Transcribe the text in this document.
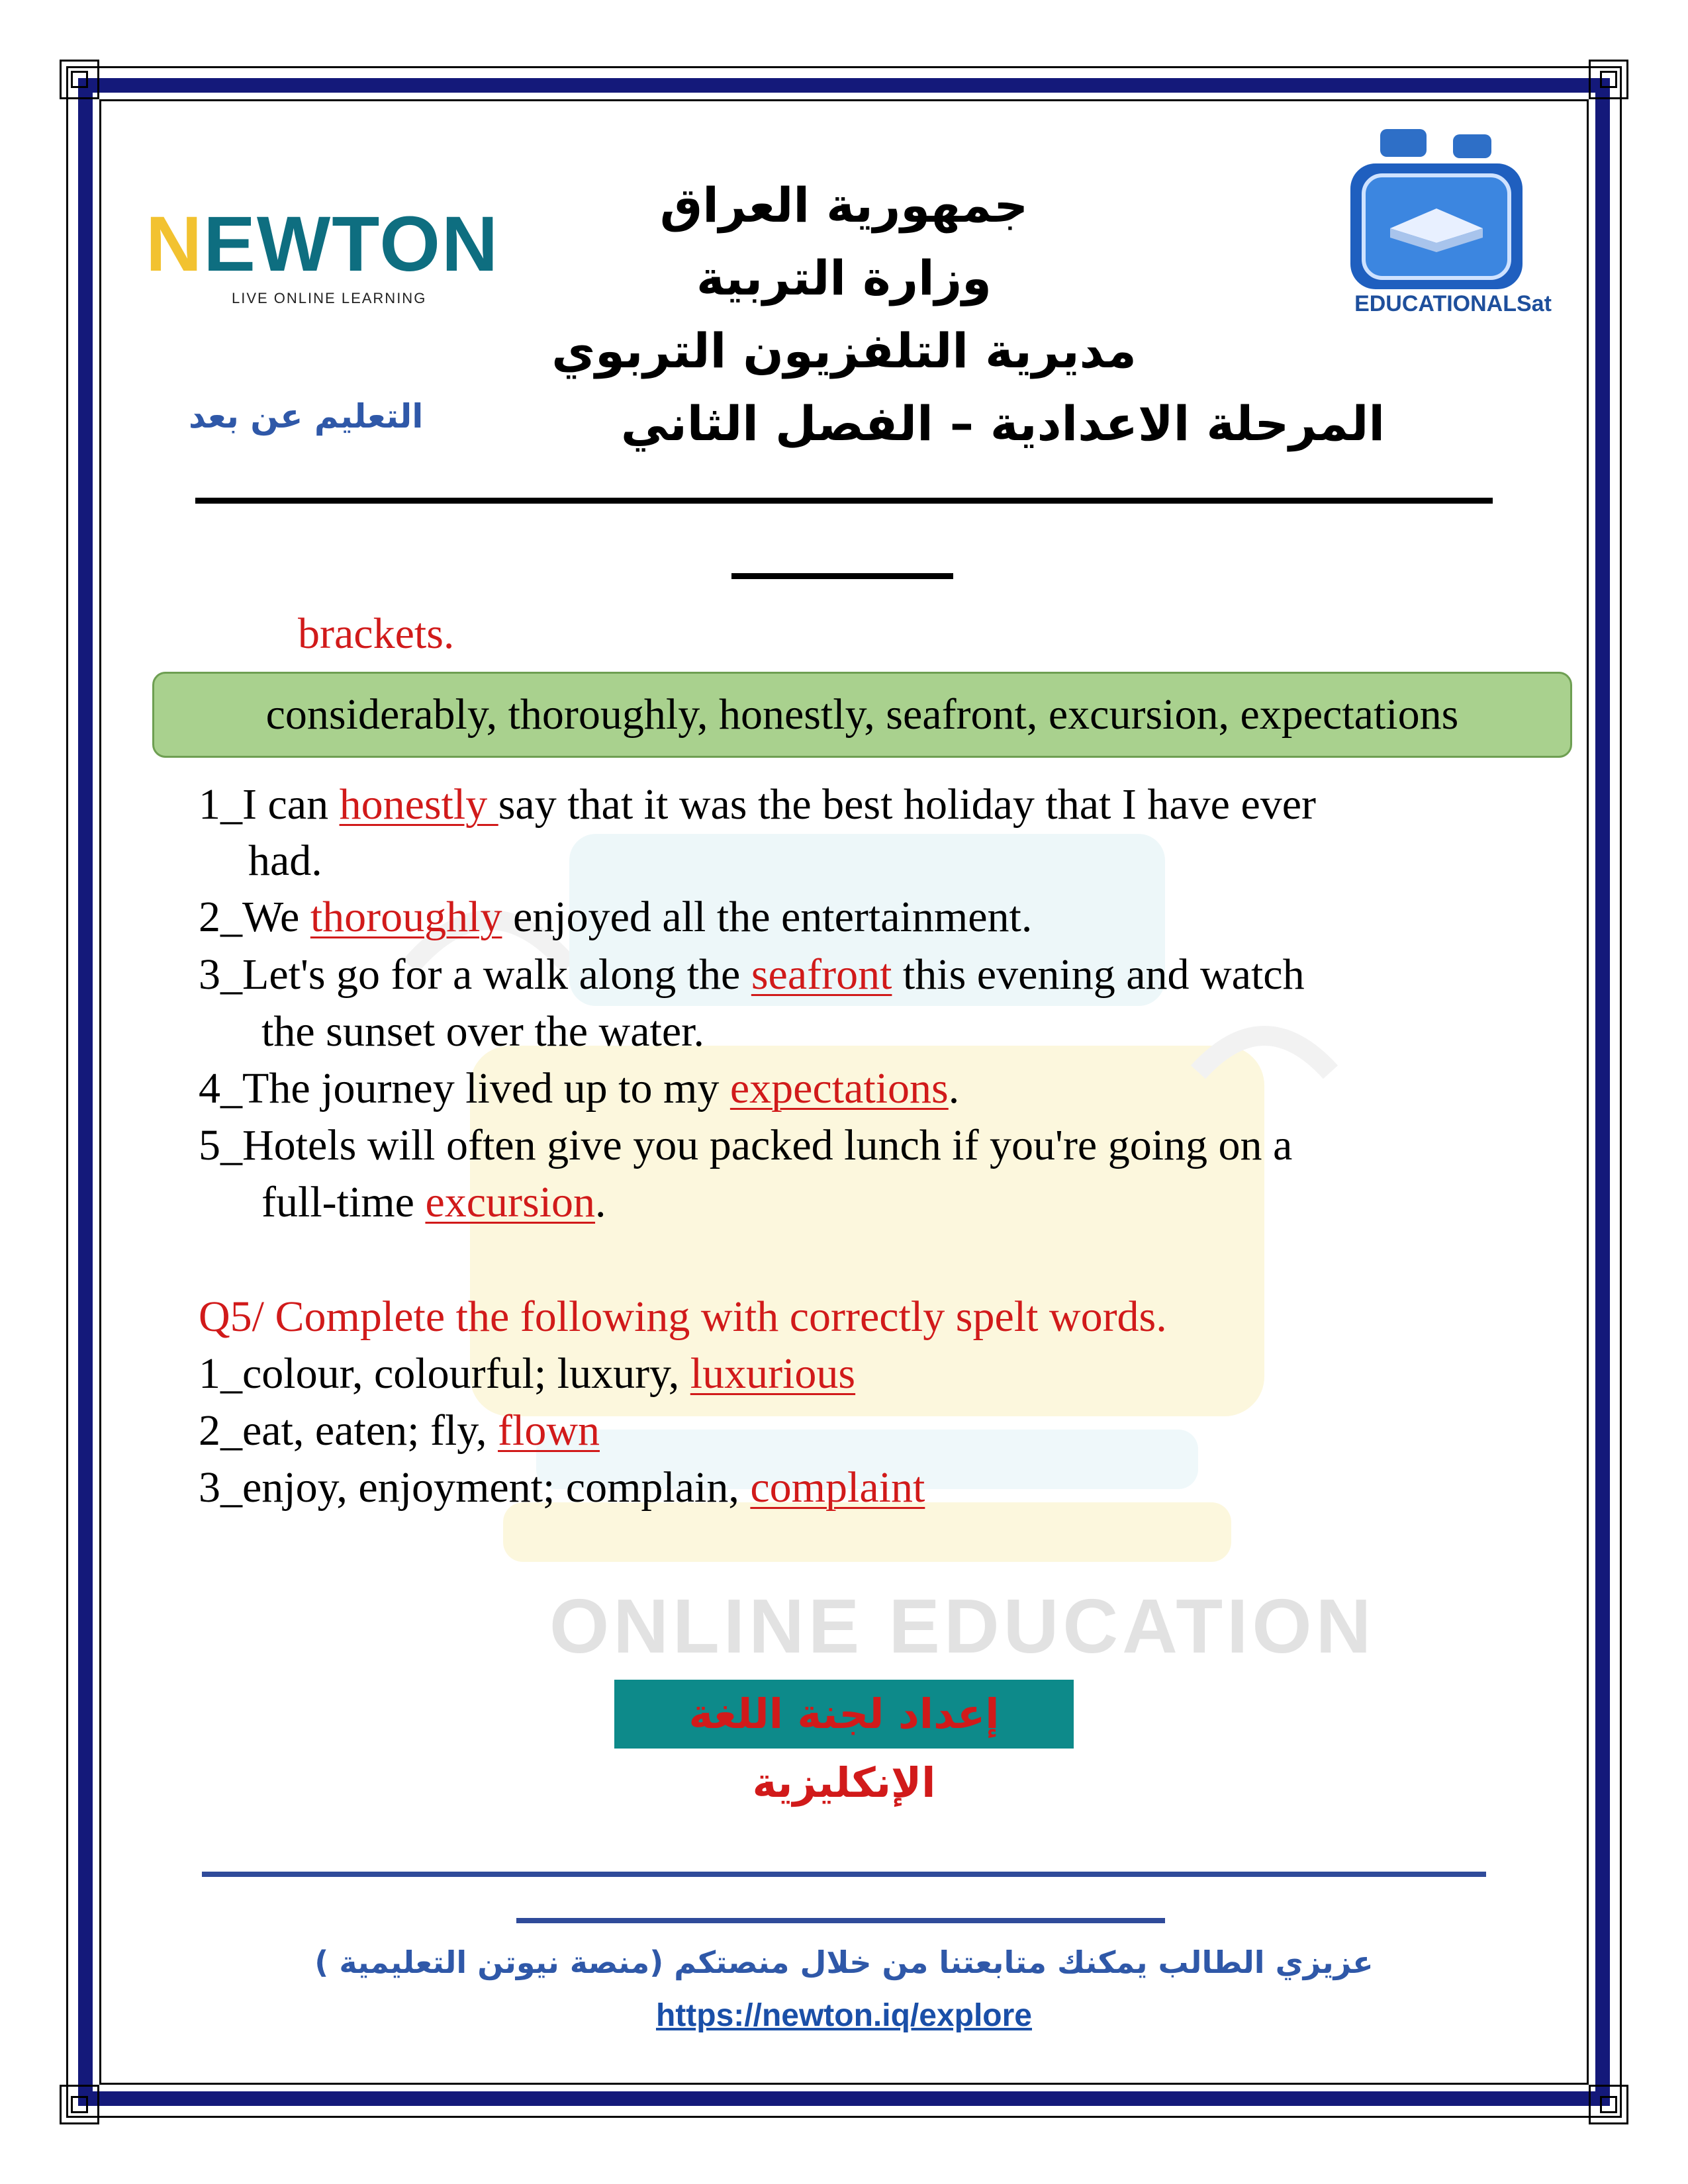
ONLINE EDUCATION
NEWTON
LIVE ONLINE LEARNING	EDUCATIONALSat
جمهورية العراق
وزارة التربية
مديرية التلفزيون التربوي
المرحلة الاعدادية – الفصل الثاني
التعليم عن بعد
brackets.
considerably, thoroughly, honestly, seafront, excursion, expectations
1_I can honestly say that it was the best holiday that I have ever
had.
2_We thoroughly enjoyed all the entertainment.
3_Let's go for a walk along the seafront this evening and watch
the sunset over the water.
4_The journey lived up to my expectations.
5_Hotels will often give you packed lunch if you're going on a
full-time excursion.
Q5/ Complete the following with correctly spelt words.
1_colour, colourful; luxury, luxurious
2_eat, eaten; fly, flown
3_enjoy, enjoyment; complain, complaint
إعداد لجنة اللغة الإنكليزية
عزيزي الطالب يمكنك متابعتنا من خلال منصتكم (منصة نيوتن التعليمية )
https://newton.iq/explore
